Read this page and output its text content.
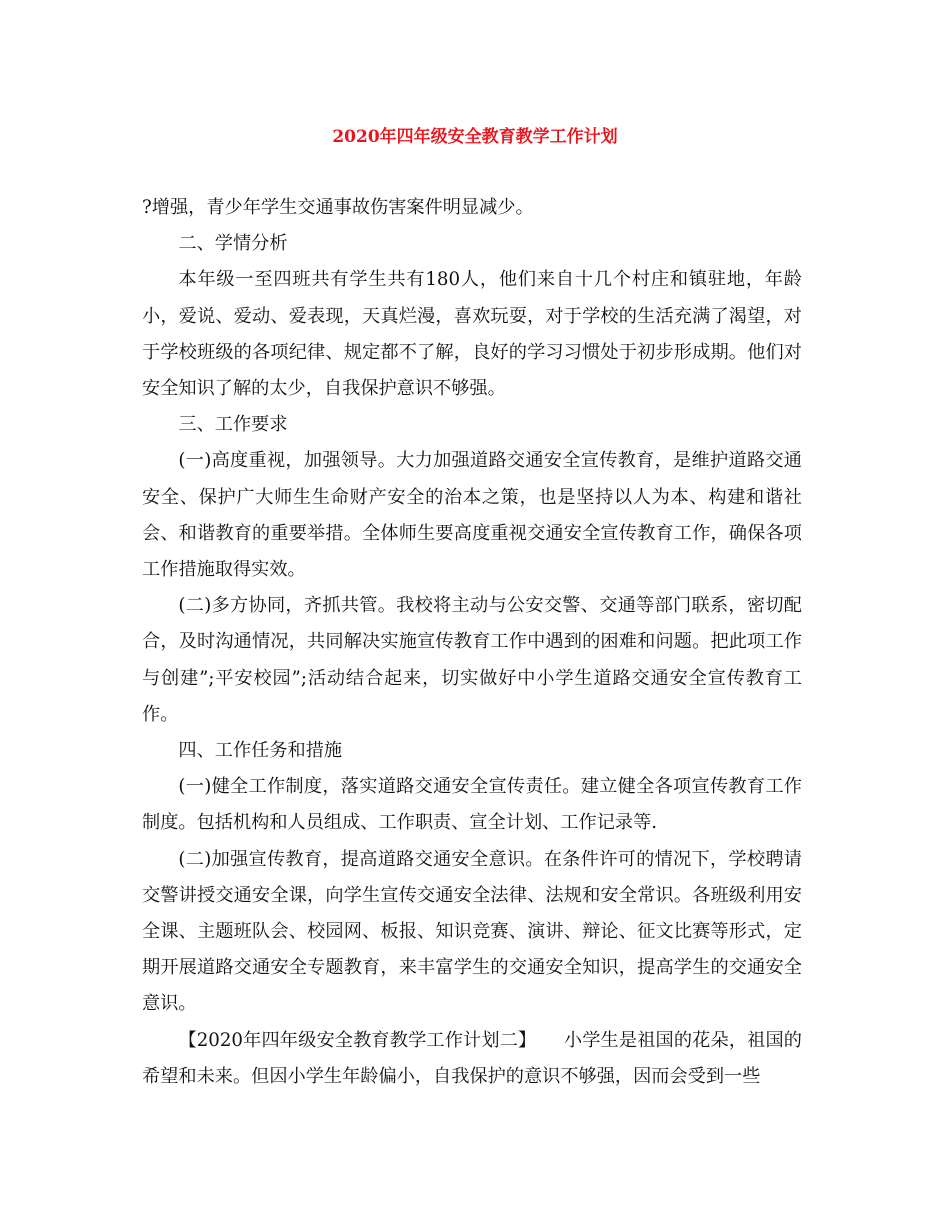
2020年四年级安全教育教学工作计划

?增强，青少年学生交通事故伤害案件明显减少。

二、学情分析

本年级一至四班共有学生共有180人，他们来自十几个村庄和镇驻地，年龄小，爱说、爱动、爱表现，天真烂漫，喜欢玩耍，对于学校的生活充满了渴望，对于学校班级的各项纪律、规定都不了解，良好的学习习惯处于初步形成期。他们对安全知识了解的太少，自我保护意识不够强。

三、工作要求

(一)高度重视，加强领导。大力加强道路交通安全宣传教育，是维护道路交通安全、保护广大师生生命财产安全的治本之策，也是坚持以人为本、构建和谐社会、和谐教育的重要举措。全体师生要高度重视交通安全宣传教育工作，确保各项工作措施取得实效。

(二)多方协同，齐抓共管。我校将主动与公安交警、交通等部门联系，密切配合，及时沟通情况，共同解决实施宣传教育工作中遇到的困难和问题。把此项工作与创建”;平安校园”;活动结合起来，切实做好中小学生道路交通安全宣传教育工作。

四、工作任务和措施

(一)健全工作制度，落实道路交通安全宣传责任。建立健全各项宣传教育工作制度。包括机构和人员组成、工作职责、宣全计划、工作记录等.

(二)加强宣传教育，提高道路交通安全意识。在条件许可的情况下，学校聘请交警讲授交通安全课，向学生宣传交通安全法律、法规和安全常识。各班级利用安全课、主题班队会、校园网、板报、知识竞赛、演讲、辩论、征文比赛等形式，定期开展道路交通安全专题教育，来丰富学生的交通安全知识，提高学生的交通安全意识。

【2020年四年级安全教育教学工作计划二】　　小学生是祖国的花朵，祖国的希望和未来。但因小学生年龄偏小，自我保护的意识不够强，因而会受到一些
